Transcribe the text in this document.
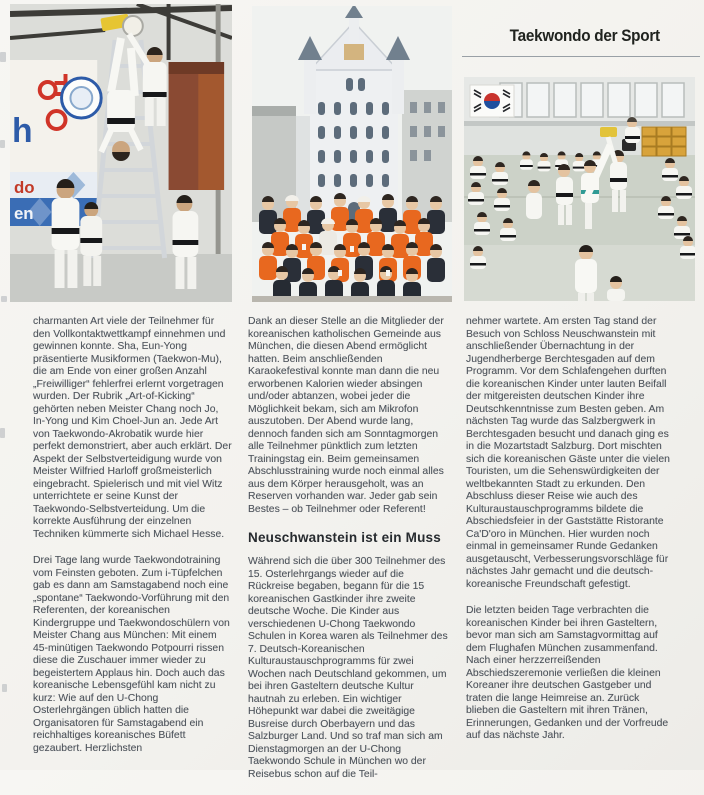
Taekwondo der Sport
h
do
en

charmanten Art viele der Teilnehmer für den Vollkontaktwettkampf einnehmen und gewinnen konnte. Sha, Eun-Yong präsentierte Musikformen (Taekwon-Mu), die am Ende von einer großen Anzahl „Freiwilliger“ fehlerfrei erlernt vorgetragen wurden. Der Rubrik „Art-of-Kicking“ gehörten neben Meister Chang noch Jo, In-Yong und Kim Choel-Jun an. Jede Art von Taekwondo-Akrobatik wurde hier perfekt demonstriert, aber auch erklärt. Der Aspekt der Selbstverteidigung wurde von Meister Wilfried Harloff großmeisterlich eingebracht. Spielerisch und mit viel Witz unterrichtete er seine Kunst der Taekwondo-Selbstverteidung. Um die korrekte Ausführung der einzelnen Techniken kümmerte sich Michael Hesse.

Drei Tage lang wurde Taekwondotraining vom Feinsten geboten. Zum i-Tüpfelchen gab es dann am Samstagabend noch eine „spontane“ Taekwondo-Vorführung mit den Referenten, der koreanischen Kindergruppe und Taekwondoschülern von Meister Chang aus München: Mit einem 45-minütigen Taekwondo Potpourri rissen diese die Zuschauer immer wieder zu begeistertem Applaus hin. Doch auch das koreanische Lebensgefühl kam nicht zu kurz: Wie auf den U-Chong Osterlehrgängen üblich hatten die Organisatoren für Samstagabend ein reichhaltiges koreanisches Büfett gezaubert. Herzlichsten

Dank an dieser Stelle an die Mitglieder der koreanischen katholischen Gemeinde aus München, die diesen Abend ermöglicht hatten. Beim anschließenden Karaokefestival konnte man dann die neu erworbenen Kalorien wieder absingen und/oder abtanzen, wobei jeder die Möglichkeit bekam, sich am Mikrofon auszutoben. Der Abend wurde lang, dennoch fanden sich am Sonntagmorgen alle Teilnehmer pünktlich zum letzten Trainingstag ein. Beim gemeinsamen Abschlusstraining wurde noch einmal alles aus dem Körper herausgeholt, was an Reserven vorhanden war. Jeder gab sein Bestes – ob Teilnehmer oder Referent!

Neuschwanstein ist ein Muss

Während sich die über 300 Teilnehmer des 15. Osterlehrgangs wieder auf die Rückreise begaben, begann für die 15 koreanischen Gastkinder ihre zweite deutsche Woche. Die Kinder aus verschiedenen U-Chong Taekwondo Schulen in Korea waren als Teilnehmer des 7. Deutsch-Koreanischen Kulturaustauschprogramms für zwei Wochen nach Deutschland gekommen, um bei ihren Gasteltern deutsche Kultur hautnah zu erleben. Ein wichtiger Höhepunkt war dabei die zweitägige Busreise durch Oberbayern und das Salzburger Land. Und so traf man sich am Dienstagmorgen an der U-Chong Taekwondo Schule in München wo der Reisebus schon auf die Teil-

nehmer wartete. Am ersten Tag stand der Besuch von Schloss Neuschwanstein mit anschließender Übernachtung in der Jugendherberge Berchtesgaden auf dem Programm. Vor dem Schlafengehen durften die koreanischen Kinder unter lauten Beifall der mitgereisten deutschen Kinder ihre Deutschkenntnisse zum Besten geben. Am nächsten Tag wurde das Salzbergwerk in Berchtesgaden besucht und danach ging es in die Mozartstadt Salzburg. Dort mischten sich die koreanischen Gäste unter die vielen Touristen, um die Sehenswürdigkeiten der weltbekannten Stadt zu erkunden. Den Abschluss dieser Reise wie auch des Kulturaustauschprogramms bildete die Abschiedsfeier in der Gaststätte Ristorante Ca'D'oro in München. Hier wurden noch einmal in gemeinsamer Runde Gedanken ausgetauscht, Verbesserungsvorschläge für nächstes Jahr gemacht und die deutsch-koreanische Freundschaft gefestigt.

Die letzten beiden Tage verbrachten die koreanischen Kinder bei ihren Gasteltern, bevor man sich am Samstagvormittag auf dem Flughafen München zusammenfand. Nach einer herzzerreißenden Abschiedszeremonie verließen die kleinen Koreaner ihre deutschen Gastgeber und traten die lange Heimreise an. Zurück blieben die Gasteltern mit ihren Tränen, Erinnerungen, Gedanken und der Vorfreude auf das nächste Jahr.
